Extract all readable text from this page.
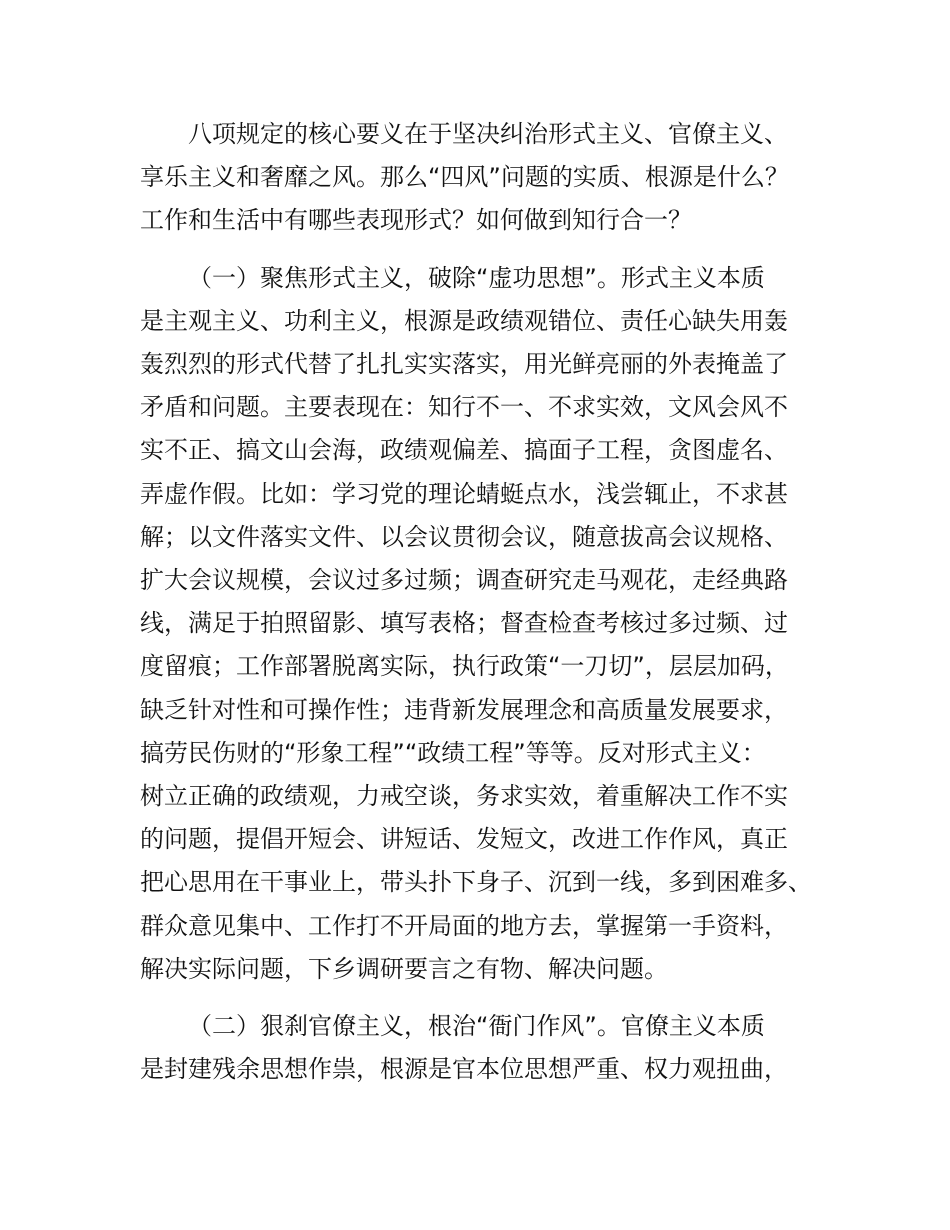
八项规定的核心要义在于坚决纠治形式主义、官僚主义、
享乐主义和奢靡之风。那么“四风”问题的实质、根源是什么？
工作和生活中有哪些表现形式？如何做到知行合一？

（一）聚焦形式主义，破除“虚功思想”。形式主义本质
是主观主义、功利主义，根源是政绩观错位、责任心缺失用轰
轰烈烈的形式代替了扎扎实实落实，用光鲜亮丽的外表掩盖了
矛盾和问题。主要表现在：知行不一、不求实效，文风会风不
实不正、搞文山会海，政绩观偏差、搞面子工程，贪图虚名、
弄虚作假。比如：学习党的理论蜻蜓点水，浅尝辄止，不求甚
解；以文件落实文件、以会议贯彻会议，随意拔高会议规格、
扩大会议规模，会议过多过频；调查研究走马观花，走经典路
线，满足于拍照留影、填写表格；督查检查考核过多过频、过
度留痕；工作部署脱离实际，执行政策“一刀切”，层层加码，
缺乏针对性和可操作性；违背新发展理念和高质量发展要求，
搞劳民伤财的“形象工程”“政绩工程”等等。反对形式主义：
树立正确的政绩观，力戒空谈，务求实效，着重解决工作不实
的问题，提倡开短会、讲短话、发短文，改进工作作风，真正
把心思用在干事业上，带头扑下身子、沉到一线，多到困难多、
群众意见集中、工作打不开局面的地方去，掌握第一手资料，
解决实际问题，下乡调研要言之有物、解决问题。

（二）狠刹官僚主义，根治“衙门作风”。官僚主义本质
是封建残余思想作祟，根源是官本位思想严重、权力观扭曲，
